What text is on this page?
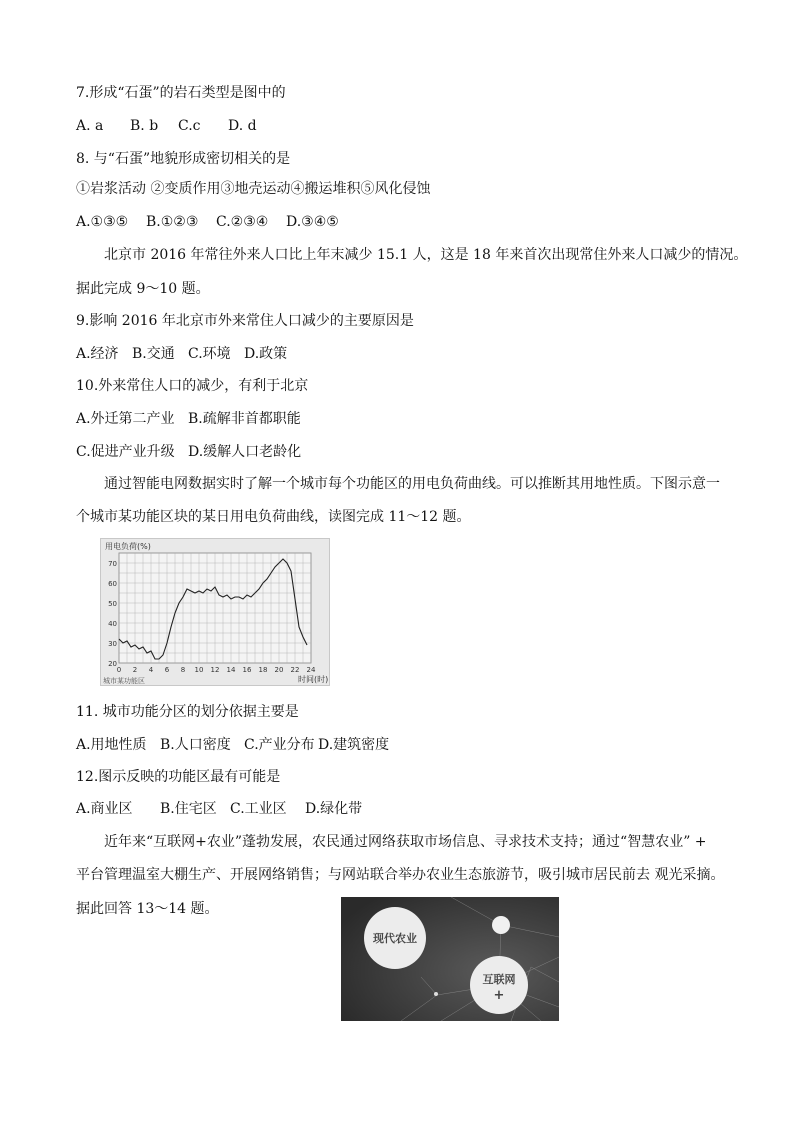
7.形成“石蛋”的岩石类型是图中的
A. a B. b C.c D. d
8. 与“石蛋”地貌形成密切相关的是
①岩浆活动 ②变质作用③地壳运动④搬运堆积⑤风化侵蚀
A.①③⑤ B.①②③ C.②③④ D.③④⑤
北京市 2016 年常往外来人口比上年末减少 15.1 人，这是 18 年来首次出现常住外来人口减少的情况。
据此完成 9～10 题。
9.影响 2016 年北京市外来常住人口减少的主要原因是
A.经济 B.交通 C.环境 D.政策
10.外来常住人口的减少，有利于北京
A.外迁第二产业 B.疏解非首都职能
C.促进产业升级 D.缓解人口老龄化
通过智能电网数据实时了解一个城市每个功能区的用电负荷曲线。可以推断其用地性质。下图示意一
个城市某功能区块的某日用电负荷曲线，读图完成 11～12 题。
用电负荷(%)
时间(时)
城市某功能区
20
30
40
50
60
70
0 2 4 6 8 10 12 14 16 18 20 22 24
11. 城市功能分区的划分依据主要是
A.用地性质 B.人口密度 C.产业分布 D.建筑密度
12.图示反映的功能区最有可能是
A.商业区 B.住宅区 C.工业区 D.绿化带
近年来“互联网+农业”蓬勃发展，农民通过网络获取市场信息、寻求技术支持；通过“智慧农业” +
平台管理温室大棚生产、开展网络销售；与网站联合举办农业生态旅游节，吸引城市居民前去 观光采摘。
据此回答 13～14 题。
现代农业
互联网
+
